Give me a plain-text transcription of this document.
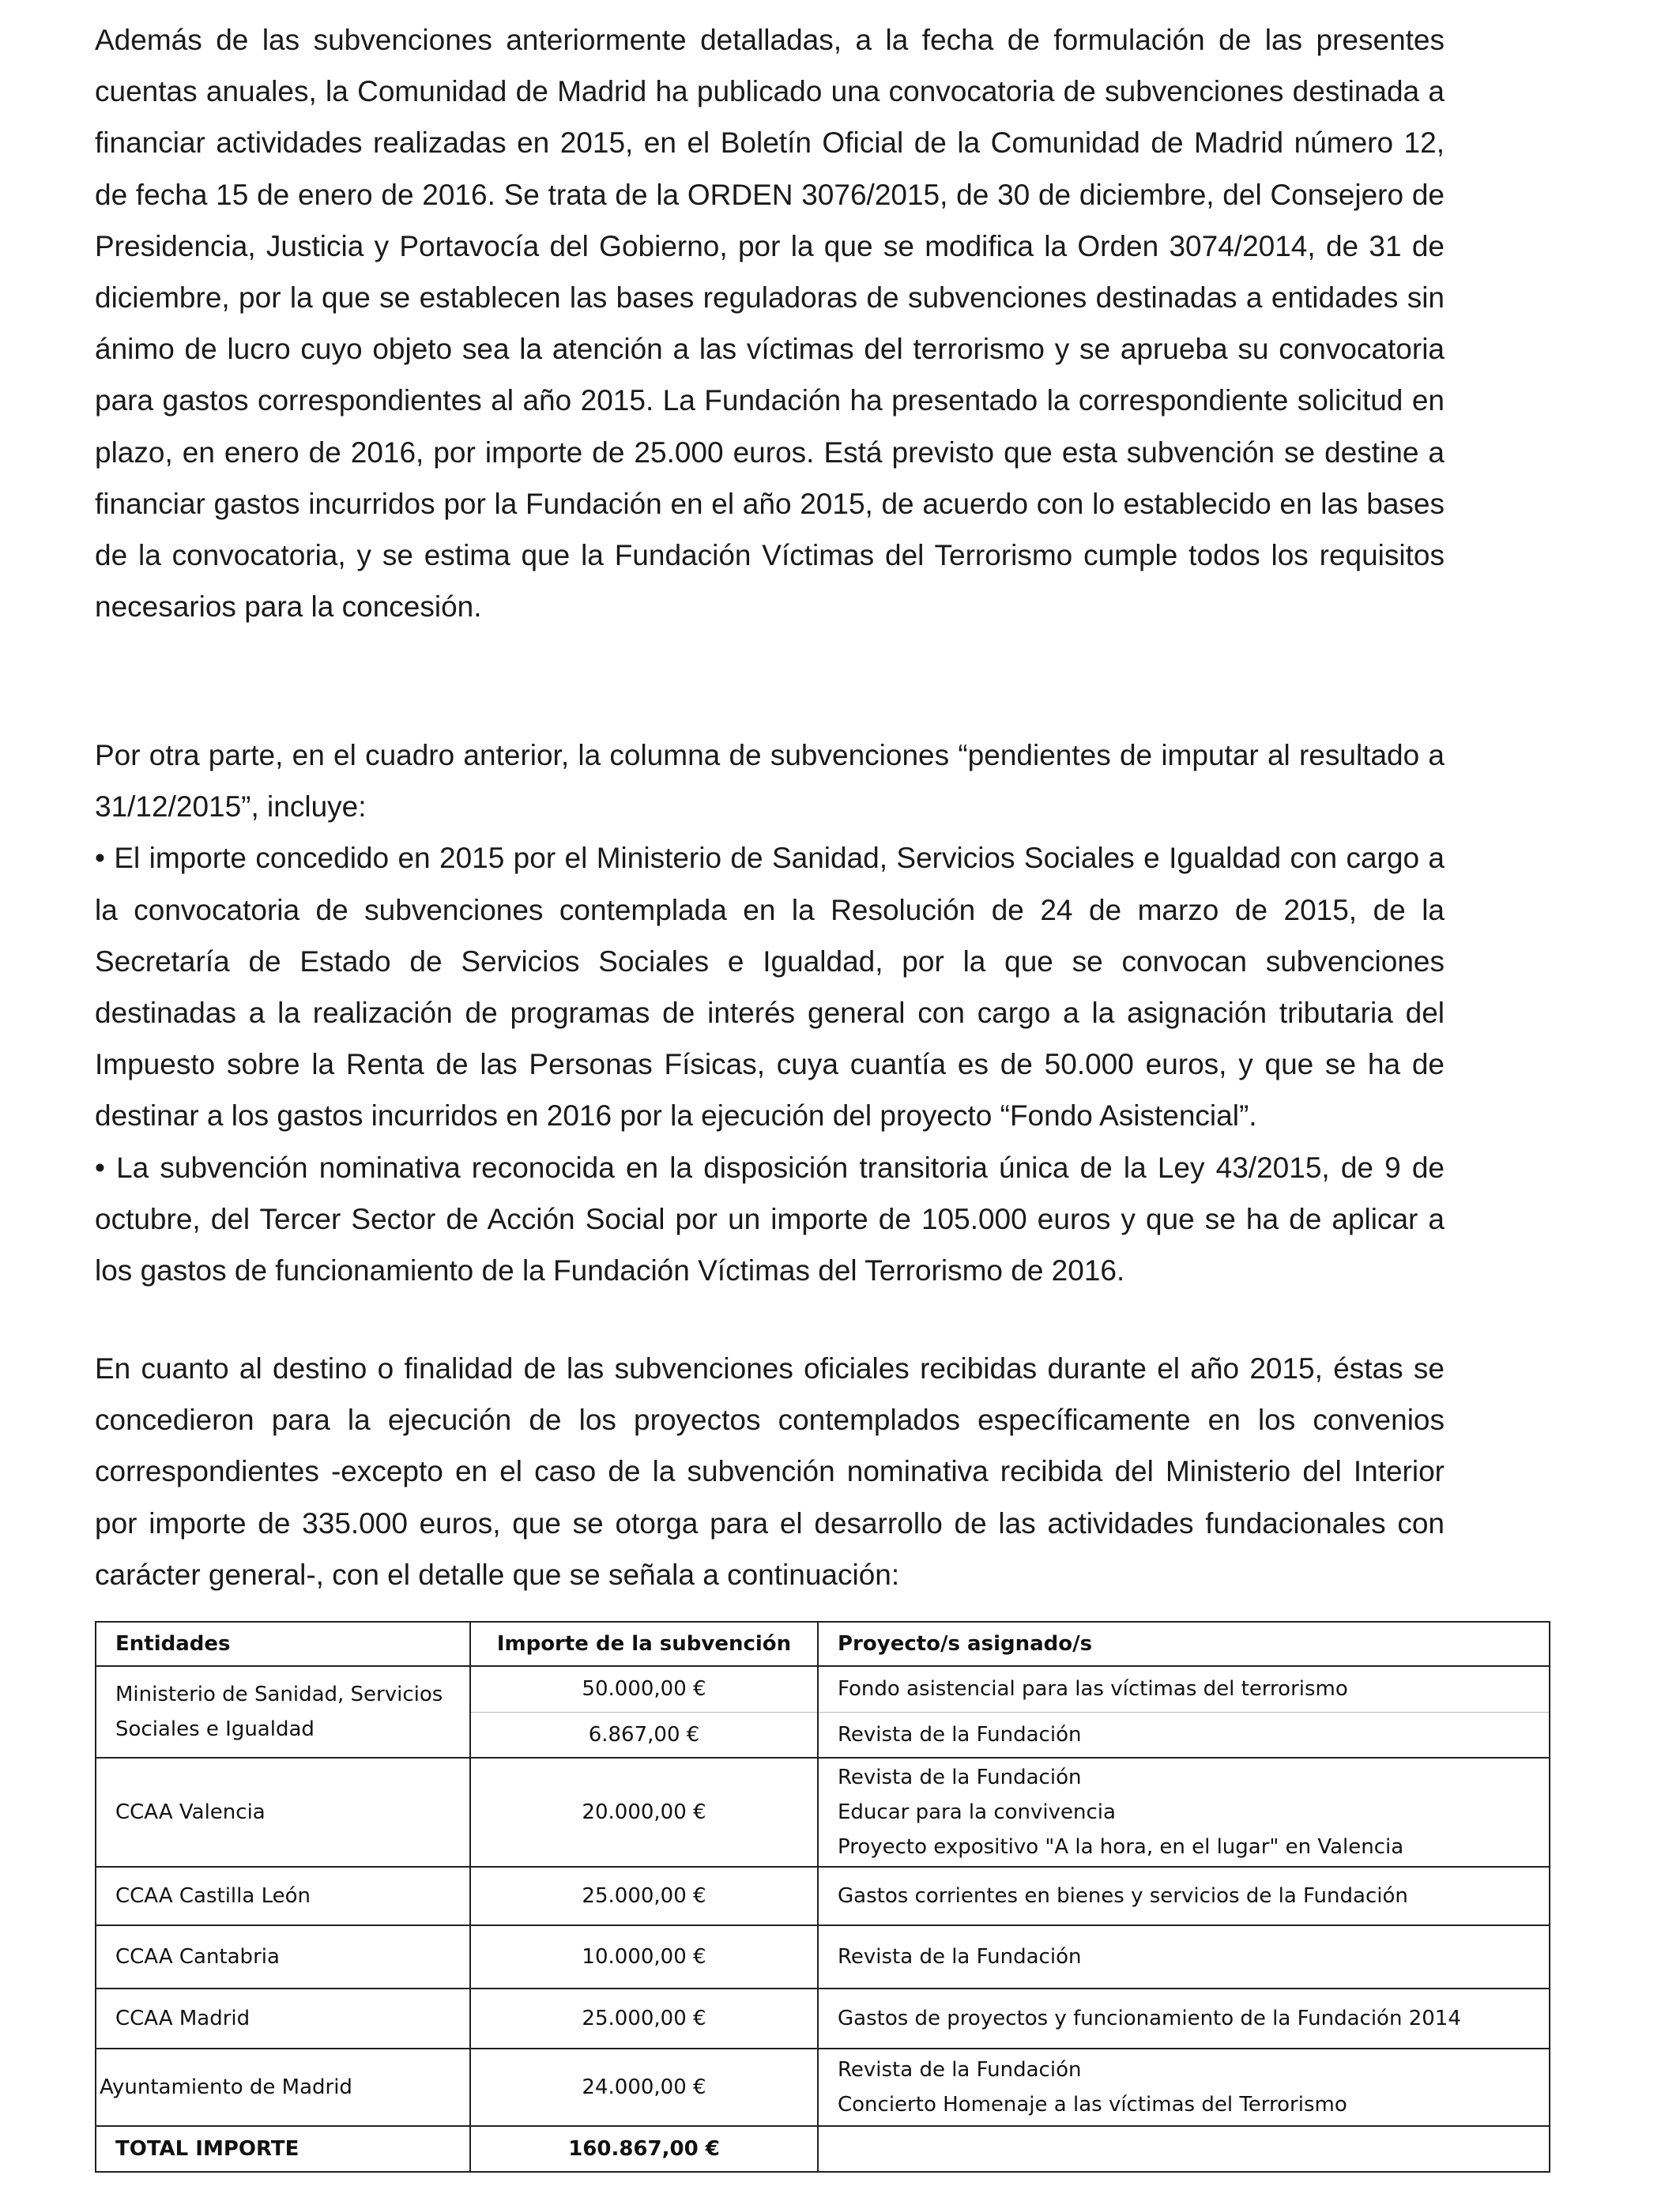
Además de las subvenciones anteriormente detalladas, a la fecha de formulación de las presentes cuentas anuales, la Comunidad de Madrid ha publicado una convocatoria de subvenciones destinada a financiar actividades realizadas en 2015, en el Boletín Oficial de la Comunidad de Madrid número 12, de fecha 15 de enero de 2016. Se trata de la ORDEN 3076/2015, de 30 de diciembre, del Consejero de Presidencia, Justicia y Portavocía del Gobierno, por la que se modifica la Orden 3074/2014, de 31 de diciembre, por la que se establecen las bases reguladoras de subvenciones destinadas a entidades sin ánimo de lucro cuyo objeto sea la atención a las víctimas del terrorismo y se aprueba su convocatoria para gastos correspondientes al año 2015. La Fundación ha presentado la correspondiente solicitud en plazo, en enero de 2016, por importe de 25.000 euros. Está previsto que esta subvención se destine a financiar gastos incurridos por la Fundación en el año 2015, de acuerdo con lo establecido en las bases de la convocatoria, y se estima que la Fundación Víctimas del Terrorismo cumple todos los requisitos necesarios para la concesión.

Por otra parte, en el cuadro anterior, la columna de subvenciones “pendientes de imputar al resultado a 31/12/2015”, incluye:

• El importe concedido en 2015 por el Ministerio de Sanidad, Servicios Sociales e Igualdad con cargo a la convocatoria de subvenciones contemplada en la Resolución de 24 de marzo de 2015, de la Secretaría de Estado de Servicios Sociales e Igualdad, por la que se convocan subvenciones destinadas a la realización de programas de interés general con cargo a la asignación tributaria del Impuesto sobre la Renta de las Personas Físicas, cuya cuantía es de 50.000 euros, y que se ha de destinar a los gastos incurridos en 2016 por la ejecución del proyecto “Fondo Asistencial”.

• La subvención nominativa reconocida en la disposición transitoria única de la Ley 43/2015, de 9 de octubre, del Tercer Sector de Acción Social por un importe de 105.000 euros y que se ha de aplicar a los gastos de funcionamiento de la Fundación Víctimas del Terrorismo de 2016.

En cuanto al destino o finalidad de las subvenciones oficiales recibidas durante el año 2015, éstas se concedieron para la ejecución de los proyectos contemplados específicamente en los convenios correspondientes -excepto en el caso de la subvención nominativa recibida del Ministerio del Interior por importe de 335.000 euros, que se otorga para el desarrollo de las actividades fundacionales con carácter general-, con el detalle que se señala a continuación:

Entidades	Importe de la subvención	Proyecto/s asignado/s

Ministerio de Sanidad, Servicios Sociales e Igualdad	50.000,00 €	Fondo asistencial para las víctimas del terrorismo

	6.867,00 €	Revista de la Fundación

CCAA Valencia	20.000,00 €	Revista de la Fundación
Educar para la convivencia
Proyecto expositivo "A la hora, en el lugar" en Valencia

CCAA Castilla León	25.000,00 €	Gastos corrientes en bienes y servicios de la Fundación

CCAA Cantabria	10.000,00 €	Revista de la Fundación

CCAA Madrid	25.000,00 €	Gastos de proyectos y funcionamiento de la Fundación 2014

Ayuntamiento de Madrid	24.000,00 €	Revista de la Fundación
Concierto Homenaje a las víctimas del Terrorismo

TOTAL IMPORTE	160.867,00 €	
